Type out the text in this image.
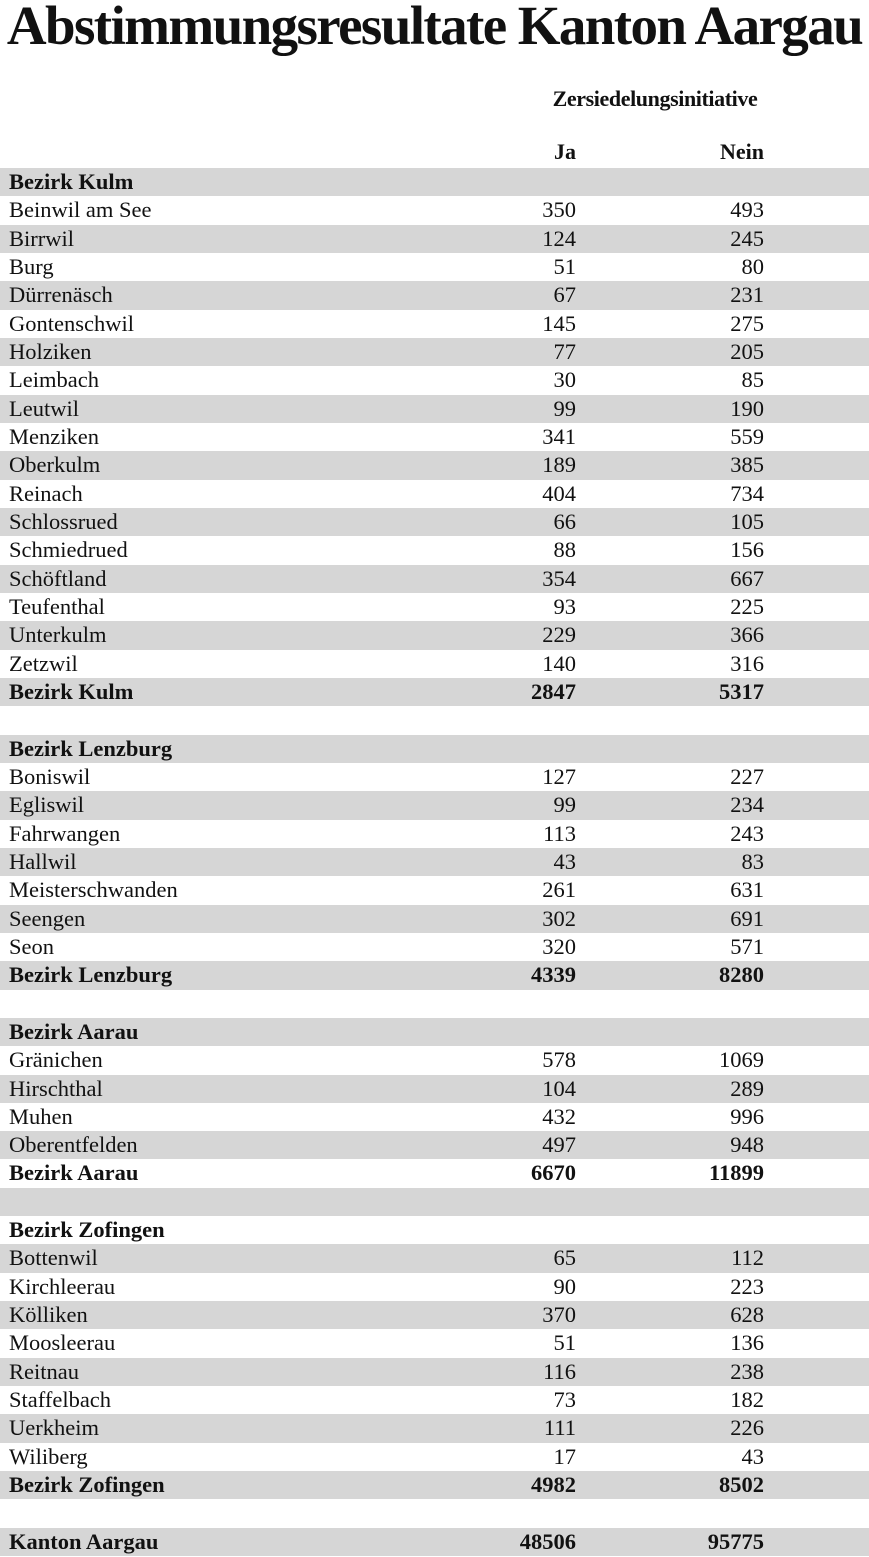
Abstimmungsresultate Kanton Aargau
Zersiedelungsinitiative
Ja	Nein
Bezirk Kulm
Beinwil am See	350	493
Birrwil	124	245
Burg	51	80
Dürrenäsch	67	231
Gontenschwil	145	275
Holziken	77	205
Leimbach	30	85
Leutwil	99	190
Menziken	341	559
Oberkulm	189	385
Reinach	404	734
Schlossrued	66	105
Schmiedrued	88	156
Schöftland	354	667
Teufenthal	93	225
Unterkulm	229	366
Zetzwil	140	316
Bezirk Kulm	2847	5317
Bezirk Lenzburg
Boniswil	127	227
Egliswil	99	234
Fahrwangen	113	243
Hallwil	43	83
Meisterschwanden	261	631
Seengen	302	691
Seon	320	571
Bezirk Lenzburg	4339	8280
Bezirk Aarau
Gränichen	578	1069
Hirschthal	104	289
Muhen	432	996
Oberentfelden	497	948
Bezirk Aarau	6670	11899
Bezirk Zofingen
Bottenwil	65	112
Kirchleerau	90	223
Kölliken	370	628
Moosleerau	51	136
Reitnau	116	238
Staffelbach	73	182
Uerkheim	111	226
Wiliberg	17	43
Bezirk Zofingen	4982	8502
Kanton Aargau	48506	95775
